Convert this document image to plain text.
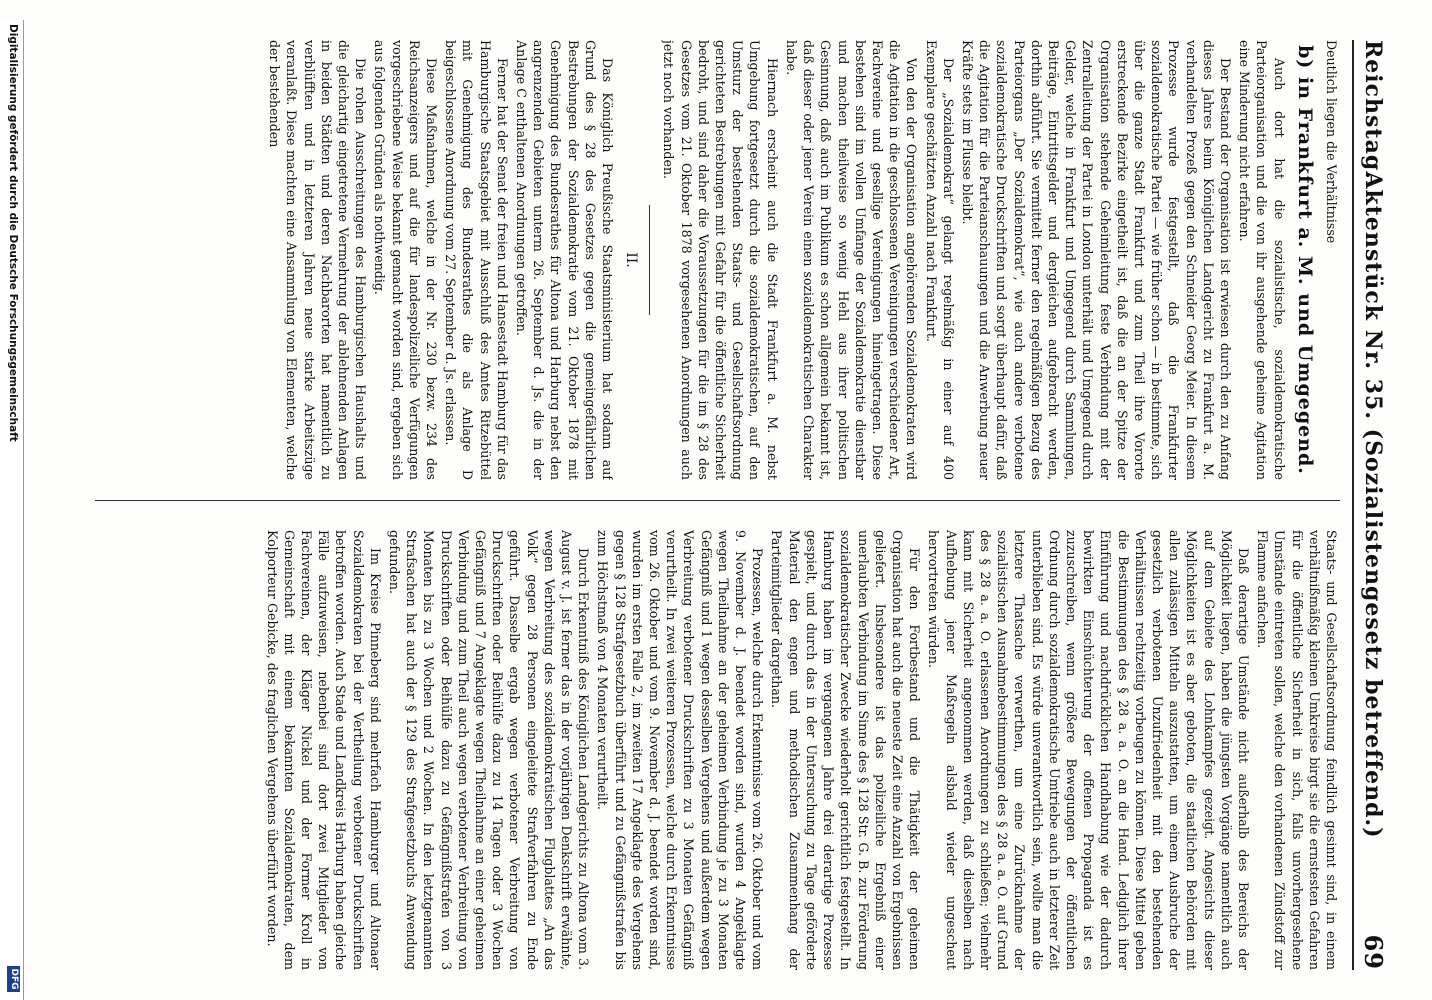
Reichstag.
Aktenstück Nr. 35. (Sozialistengesetz betreffend.)
69

Deutlich liegen die Verhältnisse

b) in Frankfurt a. M. und Umgegend.

Auch dort hat die sozialistische, sozialdemokratische Parteiorganisation und die von ihr ausgehende geheime Agitation eine Minderung nicht erfahren.

Der Bestand der Organisation ist erwiesen durch den zu Anfang dieses Jahres beim Königlichen Landgericht zu Frankfurt a. M. verhandelten Prozeß gegen den Schneider Georg Meier. In diesem Prozesse wurde festgestellt, daß die Frankfurter sozialdemokratische Partei — wie früher schon — in bestimmte, sich über die ganze Stadt Frankfurt und zum Theil ihre Vororte erstreckende Bezirke eingetheilt ist, daß die an der Spitze der Organisation stehende Geheimleitung feste Verbindung mit der Zentralleitung der Partei in London unterhält und Umgegend durch Gelder, welche in Frankfurt und Umgegend durch Sammlungen, Beiträge, Eintrittsgelder und dergleichen aufgebracht werden, dorthin abführt. Sie vermittelt ferner den regelmäßigen Bezug des Parteiorgans „Der Sozialdemokrat“, wie auch andere verbotene sozialdemokratische Druckschriften und sorgt überhaupt dafür, daß die Agitation für die Parteianschauungen und die Anwerbung neuer Kräfte stets im Flusse bleibt.

Der „Sozialdemokrat“ gelangt regelmäßig in einer auf 400 Exemplare geschätzten Anzahl nach Frankfurt.

Von den der Organisation angehörenden Sozialdemokraten wird die Agitation in die geschlossenen Vereinigungen verschiedener Art, Fachvereine und gesellige Vereinigungen hineingetragen. Diese bestehen sind im vollen Umfange der Sozialdemokratie dienstbar und machen theilweise so wenig Hehl aus ihrer politischen Gesinnung, daß auch im Publikum es schon allgemein bekannt ist, daß dieser oder jener Verein einen sozialdemokratischen Charakter habe.

Hiernach erscheint auch die Stadt Frankfurt a. M. nebst Umgebung fortgesetzt durch die sozialdemokratischen, auf den Umsturz der bestehenden Staats- und Gesellschaftsordnung gerichteten Bestrebungen mit Gefahr für die öffentliche Sicherheit bedroht, und sind daher die Voraussetzungen für die im § 28 des Gesetzes vom 21. Oktober 1878 vorgesehenen Anordnungen auch jetzt noch vorhanden.

II.

Das Königlich Preußische Staatsministerium hat sodann auf Grund des § 28 des Gesetzes gegen die gemeingefährlichen Bestrebungen der Sozialdemokratie vom 21. Oktober 1878 mit Genehmigung des Bundesrathes für Altona und Harburg nebst den angrenzenden Gebieten unterm 26. September d. Js. die in der Anlage C enthaltenen Anordnungen getroffen.

Ferner hat der Senat der freien und Hansestadt Hamburg für das Hamburgische Staatsgebiet mit Ausschluß des Amtes Ritzebüttel mit Genehmigung des Bundesrathes die als Anlage D beigeschlossene Anordnung vom 27. September d. Js. erlassen.

Diese Maßnahmen, welche in der Nr. 230 bezw. 234 des Reichsanzeigers und auf die für landespolizeiliche Verfügungen vorgeschriebene Weise bekannt gemacht worden sind, ergeben sich aus folgenden Gründen als nothwendig.

Die rohen Ausschreitungen des Hamburgischen Haushalts und die gleichartig eingetretene Vermehrung der ablehnenden Anlagen in beiden Städten und deren Nachbarorten hat namentlich zu verblüfften und in letzteren Jahren neue starke Arbeitszüge veranlaßt. Diese machten eine Ansammlung von Elementen, welche der bestehenden

Staats- und Gesellschaftsordnung feindlich gesinnt sind, in einem verhältnißmäßig kleinen Umkreise birgt sie die ernstesten Gefahren für die öffentliche Sicherheit in sich, falls unvorhergesehene Umstände eintreten sollen, welche den vorhandenen Zündstoff zur Flamme anfachen.

Daß derartige Umstände nicht außerhalb des Bereichs der Möglichkeit liegen, haben die jüngsten Vorgänge namentlich auch auf dem Gebiete des Lohnkampfes gezeigt. Angesichts dieser Möglichkeiten ist es aber geboten, die staatlichen Behörden mit allen zulässigen Mitteln auszustatten, um einem Ausbruche der gesetzlich verbotenen Unzufriedenheit mit den bestehenden Verhältnissen rechtzeitig vorbeugen zu können. Diese Mittel geben die Bestimmungen des § 28 a. a. O. an die Hand. Lediglich ihrer Einführung und nachdrücklichen Handhabung wie der dadurch bewirkten Einschüchterung der offenen Propaganda ist es zuzuschreiben, wenn größere Bewegungen der öffentlichen Ordnung durch sozialdemokratische Umtriebe auch in letzterer Zeit unterblieben sind. Es würde unverantwortlich sein, wollte man die letztere Thatsache verwerthen, um eine Zurücknahme der sozialistischen Ausnahmebestimmungen des § 28 a. a. O. auf Grund des § 28 a. a. O. erlassenen Anordnungen zu schließen; vielmehr kann mit Sicherheit angenommen werden, daß dieselben nach Aufhebung jener Maßregeln alsbald wieder ungescheut hervortreten würden.

Für den Fortbestand und die Thätigkeit der geheimen Organisation hat auch die neueste Zeit eine Anzahl von Ergebnissen geliefert. Insbesondere ist das polizeiliche Ergebniß einer unerlaubten Verbindung im Sinne des § 128 Str. G. B. zur Förderung sozialdemokratischer Zwecke wiederholt gerichtlich festgestellt. In Hamburg haben im vergangenen Jahre drei derartige Prozesse gespielt, und durch das in der Untersuchung zu Tage geförderte Material den engen und methodischen Zusammenhang der Parteimitglieder dargethan.

Prozessen, welche durch Erkenntnisse vom 26. Oktober und vom 9. November d. J. beendet worden sind, wurden 4 Angeklagte wegen Theilnahme an der geheimen Verbindung je zu 3 Monaten Gefängniß und 1 wegen desselben Vergehens und außerdem wegen Verbreitung verbotener Druckschriften zu 3 Monaten Gefängniß verurtheilt. In zwei weiteren Prozessen, welche durch Erkenntnisse vom 26. Oktober und vom 9. November d. J. beendet worden sind, wurden im ersten Falle 2, im zweiten 17 Angeklagte des Vergehens gegen § 128 Strafgesetzbuch überführt und zu Gefängnißstrafen bis zum Höchstmaß von 4 Monaten verurtheilt.

Durch Erkenntniß des Königlichen Landgerichts zu Altona vom 3. August v. J. ist ferner das in der vorjährigen Denkschrift erwähnte, wegen Verbreitung des sozialdemokratischen Flugblattes „An das Volk“ gegen 28 Personen eingeleitete Strafverfahren zu Ende geführt. Dasselbe ergab wegen verbotener Verbreitung von Druckschriften oder Beihülfe dazu zu 14 Tagen oder 3 Wochen Gefängniß und 7 Angeklagte wegen Theilnahme an einer geheimen Verbindung und zum Theil auch wegen verbotener Verbreitung von Druckschriften oder Beihülfe dazu zu Gefängnißstrafen von 3 Monaten bis zu 3 Wochen und 2 Wochen. In den letztgenannten Strafsachen hat auch der § 129 des Strafgesetzbuchs Anwendung gefunden.

Im Kreise Pinneberg sind mehrfach Hamburger und Altonaer Sozialdemokraten bei der Vertheilung verbotener Druckschriften betroffen worden. Auch Stade und Landkreis Harburg haben gleiche Fälle aufzuweisen, nebenbei sind dort zwei Mitglieder von Fachvereinen, der Kläger Nickel und der Former Kroll in Gemeinschaft mit einem bekannten Sozialdemokraten, dem Kolporteur Gebicke, des fraglichen Vergehens überführt worden.

Digitalisierung gefördert durch die Deutsche Forschungsgemeinschaft
DFG
